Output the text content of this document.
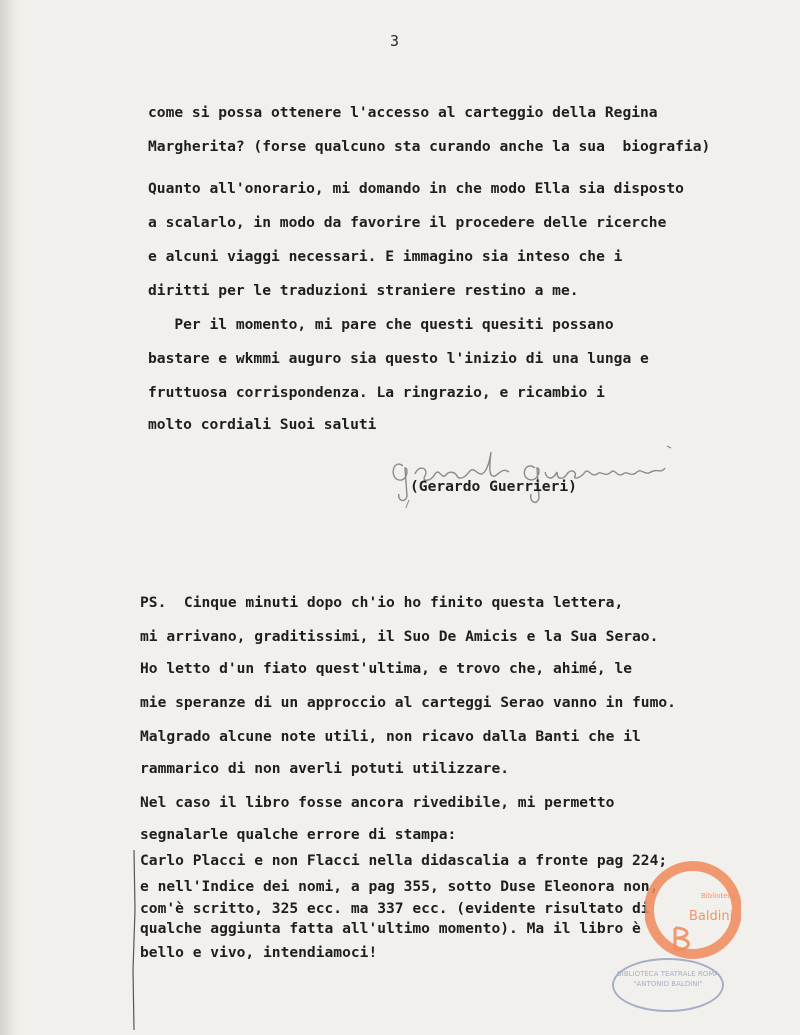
3
come si possa ottenere l'accesso al carteggio della Regina
Margherita? (forse qualcuno sta curando anche la sua  biografia)
Quanto all'onorario, mi domando in che modo Ella sia disposto
a scalarlo, in modo da favorire il procedere delle ricerche
e alcuni viaggi necessari. E immagino sia inteso che i
diritti per le traduzioni straniere restino a me.
Per il momento, mi pare che questi quesiti possano
bastare e wkmmi auguro sia questo l'inizio di una lunga e
fruttuosa corrispondenza. La ringrazio, e ricambio i
molto cordiali Suoi saluti
(Gerardo Guerrieri)
PS.  Cinque minuti dopo ch'io ho finito questa lettera,
mi arrivano, graditissimi, il Suo De Amicis e la Sua Serao.
Ho letto d'un fiato quest'ultima, e trovo che, ahimé, le
mie speranze di un approccio al carteggi Serao vanno in fumo.
Malgrado alcune note utili, non ricavo dalla Banti che il
rammarico di non averli potuti utilizzare.
Nel caso il libro fosse ancora rivedibile, mi permetto
segnalarle qualche errore di stampa:
Carlo Placci e non Flacci nella didascalia a fronte pag 224;
e nell'Indice dei nomi, a pag 355, sotto Duse Eleonora non,
com'è scritto, 325 ecc. ma 337 ecc. (evidente risultato di
qualche aggiunta fatta all'ultimo momento). Ma il libro è
bello e vivo, intendiamoci!
Biblioteca
Baldini
BIBLIOTECA TEATRALE ROMA "ANTONIO BALDINI"
